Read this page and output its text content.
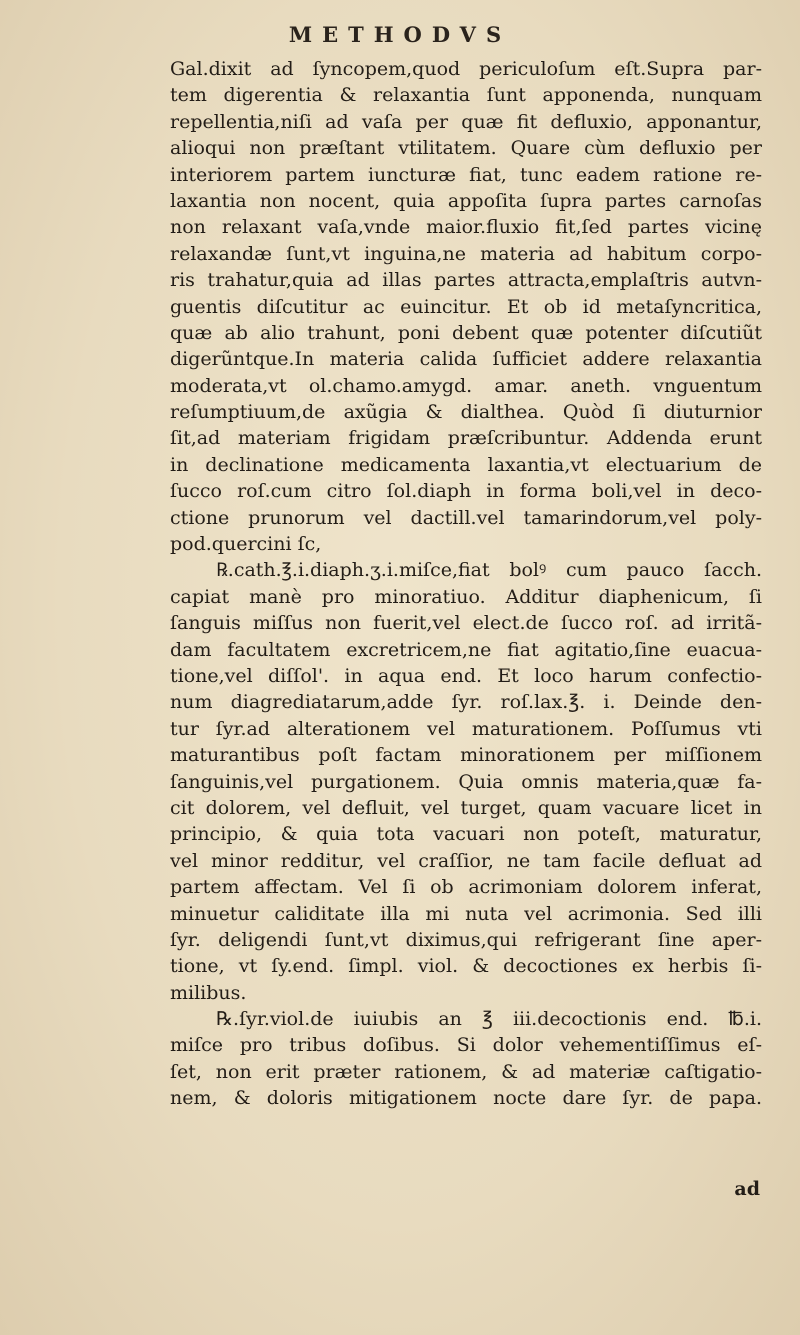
METHODVS
Gal.dixit ad ſyncopem,quod periculoſum eſt.Supra par-
tem digerentia & relaxantia ſunt apponenda, nunquam
repellentia,niſi ad vaſa per quæ fit defluxio, apponantur,
alioqui non præſtant vtilitatem. Quare cùm defluxio per
interiorem partem iuncturæ fiat, tunc eadem ratione re-
laxantia non nocent, quia appoſita ſupra partes carnoſas
non relaxant vaſa,vnde maior.fluxio fit,ſed partes vicinę
relaxandæ ſunt,vt inguina,ne materia ad habitum corpo-
ris trahatur,quia ad illas partes attracta,emplaſtris autvn-
guentis diſcutitur ac euincitur. Et ob id metaſyncritica,
quæ ab alio trahunt, poni debent quæ potenter diſcutiũt
digerũntque.In materia calida ſufficiet addere relaxantia
moderata,vt ol.chamo.amygd. amar. aneth. vnguentum
reſumptiuum,de axũgia & dialthea. Quòd ſi diuturnior
ſit,ad materiam frigidam præſcribuntur. Addenda erunt
in declinatione medicamenta laxantia,vt electuarium de
ſucco roſ.cum citro ſol.diaph in forma boli,vel in deco-
ctione prunorum vel dactill.vel tamarindorum,vel poly-
pod.quercini ſc,
℞.cath.℥.i.diaph.ʒ.i.miſce,fiat bolꝰ cum pauco ſacch.
capiat manè pro minoratiuo. Additur diaphenicum, ſi
ſanguis miſſus non fuerit,vel elect.de ſucco roſ. ad irritã-
dam facultatem excretricem,ne fiat agitatio,ſine euacua-
tione,vel diſſol'. in aqua end. Et loco harum confectio-
num diagrediatarum,adde ſyr. roſ.lax.℥. i. Deinde den-
tur ſyr.ad alterationem vel maturationem. Poſſumus vti
maturantibus poſt factam minorationem per miſſionem
ſanguinis,vel purgationem. Quia omnis materia,quæ fa-
cit dolorem, vel defluit, vel turget, quam vacuare licet in
principio, & quia tota vacuari non poteſt, maturatur,
vel minor redditur, vel craſſior, ne tam facile defluat ad
partem affectam. Vel ſi ob acrimoniam dolorem inferat,
minuetur caliditate illa mi nuta vel acrimonia. Sed illi
ſyr. deligendi ſunt,vt diximus,qui refrigerant ſine aper-
tione, vt ſy.end. ſimpl. viol. & decoctiones ex herbis ſi-
milibus.
℞.ſyr.viol.de iuiubis an ℥ iii.decoctionis end. ℔.i.
miſce pro tribus doſibus. Si dolor vehementiſſimus eſ-
ſet, non erit præter rationem, & ad materiæ caſtigatio-
nem, & doloris mitigationem nocte dare ſyr. de papa.
ad
